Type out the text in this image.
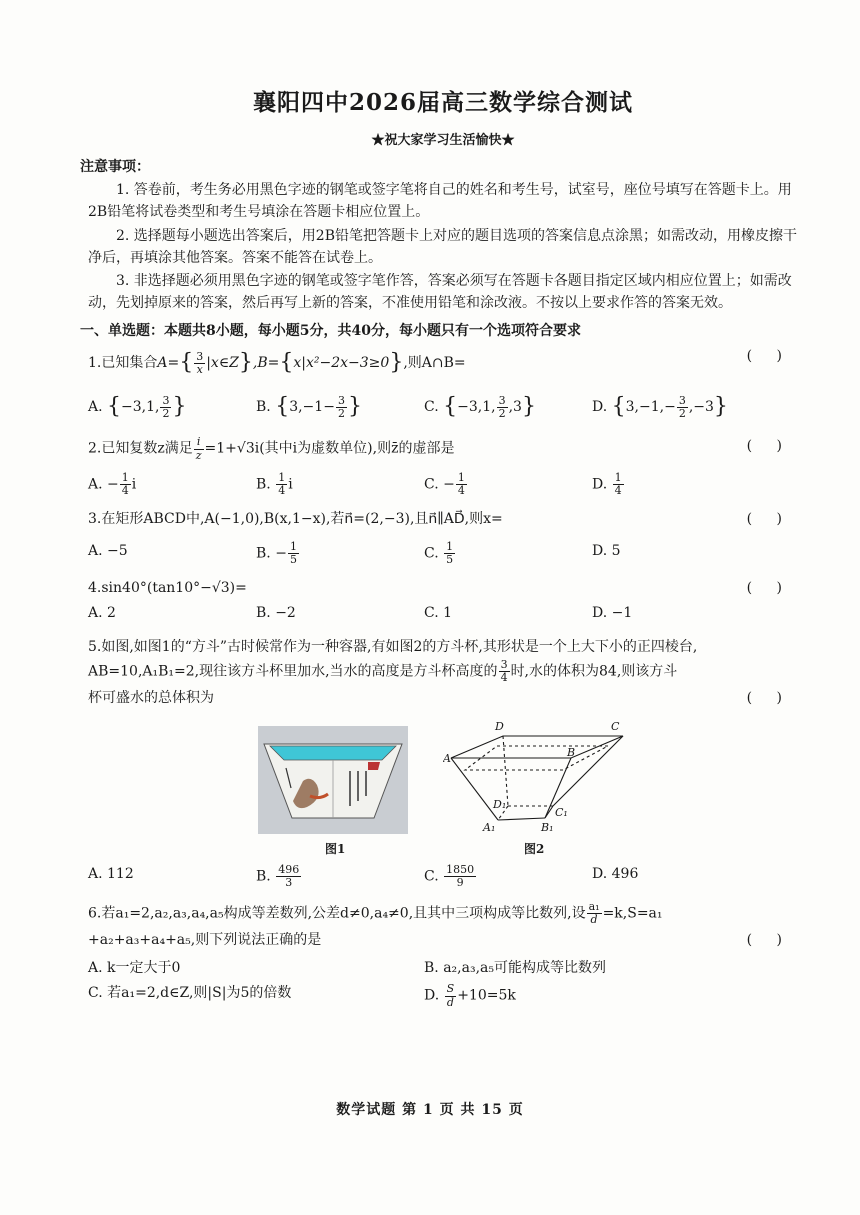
襄阳四中2026届高三数学综合测试
★祝大家学习生活愉快★
注意事项：
1. 答卷前，考生务必用黑色字迹的钢笔或签字笔将自己的姓名和考生号，试室号，座位号填写在答题卡上。用2B铅笔将试卷类型和考生号填涂在答题卡相应位置上。
2. 选择题每小题选出答案后，用2B铅笔把答题卡上对应的题目选项的答案信息点涂黑；如需改动，用橡皮擦干净后，再填涂其他答案。答案不能答在试卷上。
3. 非选择题必须用黑色字迹的钢笔或签字笔作答，答案必须写在答题卡各题目指定区域内相应位置上；如需改动，先划掉原来的答案，然后再写上新的答案，不准使用铅笔和涂改液。不按以上要求作答的答案无效。
一、单选题：本题共8小题，每小题5分，共40分，每小题只有一个选项符合要求
1.已知集合$A=\{ \frac{3}{x}$ |x∈Z},B={x|x²−2x−3≥0},则A∩B=	( )
A. {−3,1, $\frac{3}{2}$ }	B. {$3,-1- \frac{3}{2}$ }	C. {−3,1, $\frac{3}{2} ,3$}	D. $\{3,-1,- \frac{3}{2} ,-3\}$
2.已知复数z满足 $\frac{i}{z} =1+√3i$(其中i为虚数单位),则z̄的虚部是	( )
A. − $\frac{1}{4}$ i	B. $\frac{1}{4}$ i	C. − $\frac{1}{4}$	D. $\frac{1}{4}$
3.在矩形ABCD中,A(−1,0),B(x,1−x),若n⃗=(2,−3),且n⃗∥AD⃗,则x=	( )
A. −5	B. − $\frac{1}{5}$	C. $\frac{1}{5}$	D. 5
4.sin40°(tan10°−√3)=	( )
A. 2	B. −2	C. 1	D. −1
5.如图,如图1的“方斗”古时候常作为一种容器,有如图2的方斗杯,其形状是一个上大下小的正四棱台,
AB=10,A₁B₁=2,现往该方斗杯里加水,当水的高度是方斗杯高度的 $\frac{3}{4}$ 时,水的体积为84,则该方斗
杯可盛水的总体积为	( )
D	C
A	B
D₁
C₁
A₁	B₁
图1	图2
A. 112	B. $\frac{496}{3}$	C. $\frac{1850}{9}$	D. 496
6.若a₁=2,a₂,a₃,a₄,a₅构成等差数列,公差d≠0,a₄≠0,且其中三项构成等比数列,设 $\frac{\text{a₁}}{d} =k,S=a_1$
+a₂+a₃+a₄+a₅,则下列说法正确的是	( )
A. k一定大于0	B. a₂,a₃,a₅可能构成等比数列
C. 若a₁=2,d∈Z,则|S|为5的倍数	D. $\frac{S}{d} +10=5k$
数学试题 第 1 页 共 15 页
